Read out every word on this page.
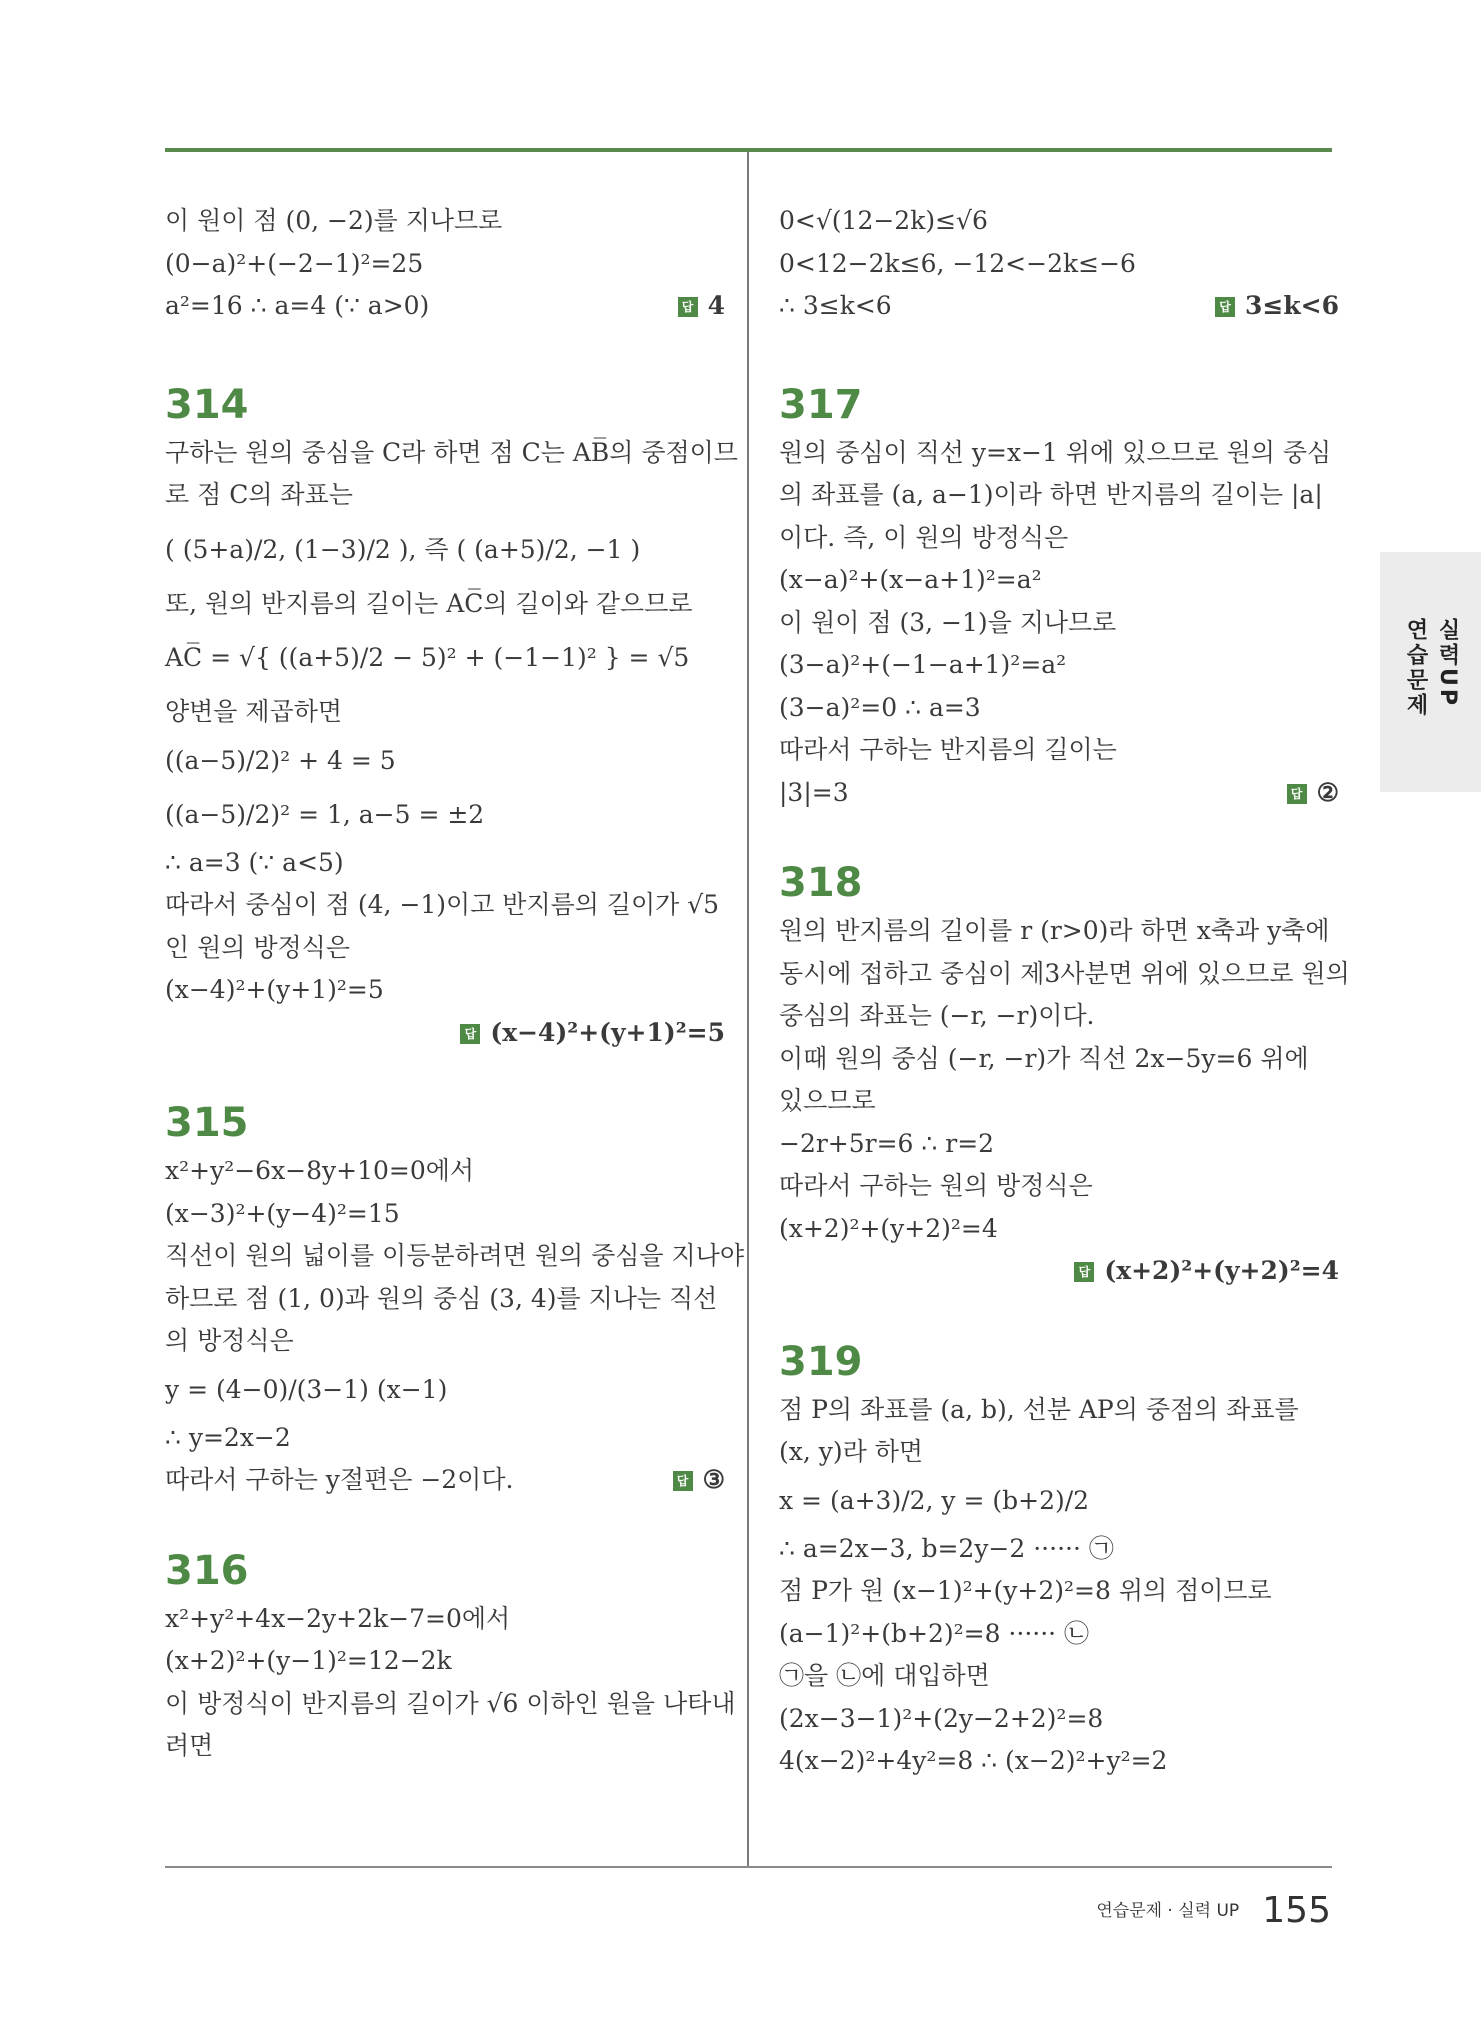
이 원이 점 (0, −2)를 지나므로
(0−a)²+(−2−1)²=25
a²=16 ∴ a=4 (∵ a>0)	답 4
314
구하는 원의 중심을 C라 하면 점 C는 AB̅의 중점이므
로 점 C의 좌표는
( (5+a)/2, (1−3)/2 ), 즉 ( (a+5)/2, −1 )
또, 원의 반지름의 길이는 AC̅의 길이와 같으므로
AC̅ = √{ ((a+5)/2 − 5)² + (−1−1)² } = √5
양변을 제곱하면
((a−5)/2)² + 4 = 5
((a−5)/2)² = 1, a−5 = ±2
∴ a=3 (∵ a<5)
따라서 중심이 점 (4, −1)이고 반지름의 길이가 √5
인 원의 방정식은
(x−4)²+(y+1)²=5
답 (x−4)²+(y+1)²=5
315
x²+y²−6x−8y+10=0에서
(x−3)²+(y−4)²=15
직선이 원의 넓이를 이등분하려면 원의 중심을 지나야
하므로 점 (1, 0)과 원의 중심 (3, 4)를 지나는 직선
의 방정식은
y = (4−0)/(3−1) (x−1)
∴ y=2x−2
따라서 구하는 y절편은 −2이다.	답 ③
316
x²+y²+4x−2y+2k−7=0에서
(x+2)²+(y−1)²=12−2k
이 방정식이 반지름의 길이가 √6 이하인 원을 나타내
려면
0<√(12−2k)≤√6
0<12−2k≤6, −12<−2k≤−6
∴ 3≤k<6	답 3≤k<6
317
원의 중심이 직선 y=x−1 위에 있으므로 원의 중심
의 좌표를 (a, a−1)이라 하면 반지름의 길이는 |a|
이다. 즉, 이 원의 방정식은
(x−a)²+(x−a+1)²=a²
이 원이 점 (3, −1)을 지나므로
(3−a)²+(−1−a+1)²=a²
(3−a)²=0 ∴ a=3
따라서 구하는 반지름의 길이는
|3|=3	답 ②
318
원의 반지름의 길이를 r (r>0)라 하면 x축과 y축에
동시에 접하고 중심이 제3사분면 위에 있으므로 원의
중심의 좌표는 (−r, −r)이다.
이때 원의 중심 (−r, −r)가 직선 2x−5y=6 위에
있으므로
−2r+5r=6 ∴ r=2
따라서 구하는 원의 방정식은
(x+2)²+(y+2)²=4
답 (x+2)²+(y+2)²=4
319
점 P의 좌표를 (a, b), 선분 AP의 중점의 좌표를
(x, y)라 하면
x = (a+3)/2, y = (b+2)/2
∴ a=2x−3, b=2y−2 ······ ㉠
점 P가 원 (x−1)²+(y+2)²=8 위의 점이므로
(a−1)²+(b+2)²=8 ······ ㉡
㉠을 ㉡에 대입하면
(2x−3−1)²+(2y−2+2)²=8
4(x−2)²+4y²=8 ∴ (x−2)²+y²=2
실력UP
연습문제
연습문제 · 실력 UP 155
